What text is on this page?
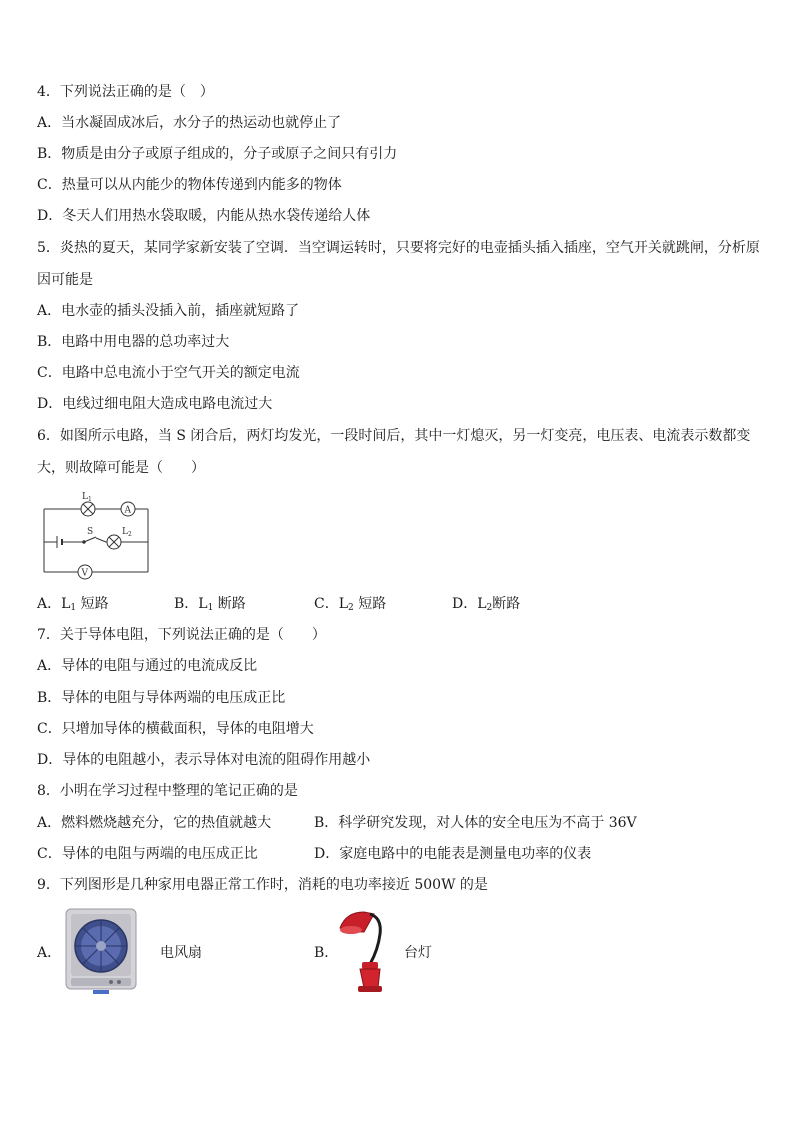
4．下列说法正确的是（　）
A．当水凝固成冰后，水分子的热运动也就停止了
B．物质是由分子或原子组成的，分子或原子之间只有引力
C．热量可以从内能少的物体传递到内能多的物体
D．冬天人们用热水袋取暖，内能从热水袋传递给人体
5．炎热的夏天，某同学家新安装了空调．当空调运转时，只要将完好的电壶插头插入插座，空气开关就跳闸，分析原
因可能是
A．电水壶的插头没插入前，插座就短路了
B．电路中用电器的总功率过大
C．电路中总电流小于空气开关的额定电流
D．电线过细电阻大造成电路电流过大
6．如图所示电路，当 S 闭合后，两灯均发光，一段时间后，其中一灯熄灭，另一灯变亮，电压表、电流表示数都变
大，则故障可能是（　　）
S
$L_1$
A
$L_2$
V
A．$L_1$ 短路	B．$L_1$ 断路	C．$L_2$ 短路	D．$L_2$断路
7．关于导体电阻，下列说法正确的是（　　）
A．导体的电阻与通过的电流成反比
B．导体的电阻与导体两端的电压成正比
C．只增加导体的横截面积，导体的电阻增大
D．导体的电阻越小，表示导体对电流的阻碍作用越小
8．小明在学习过程中整理的笔记正确的是
A．燃料燃烧越充分，它的热值就越大	B．科学研究发现，对人体的安全电压为不高于 36V
C．导体的电阻与两端的电压成正比	D．家庭电路中的电能表是测量电功率的仪表
9．下列图形是几种家用电器正常工作时，消耗的电功率接近 500W 的是
A．	电风扇	B．	台灯
